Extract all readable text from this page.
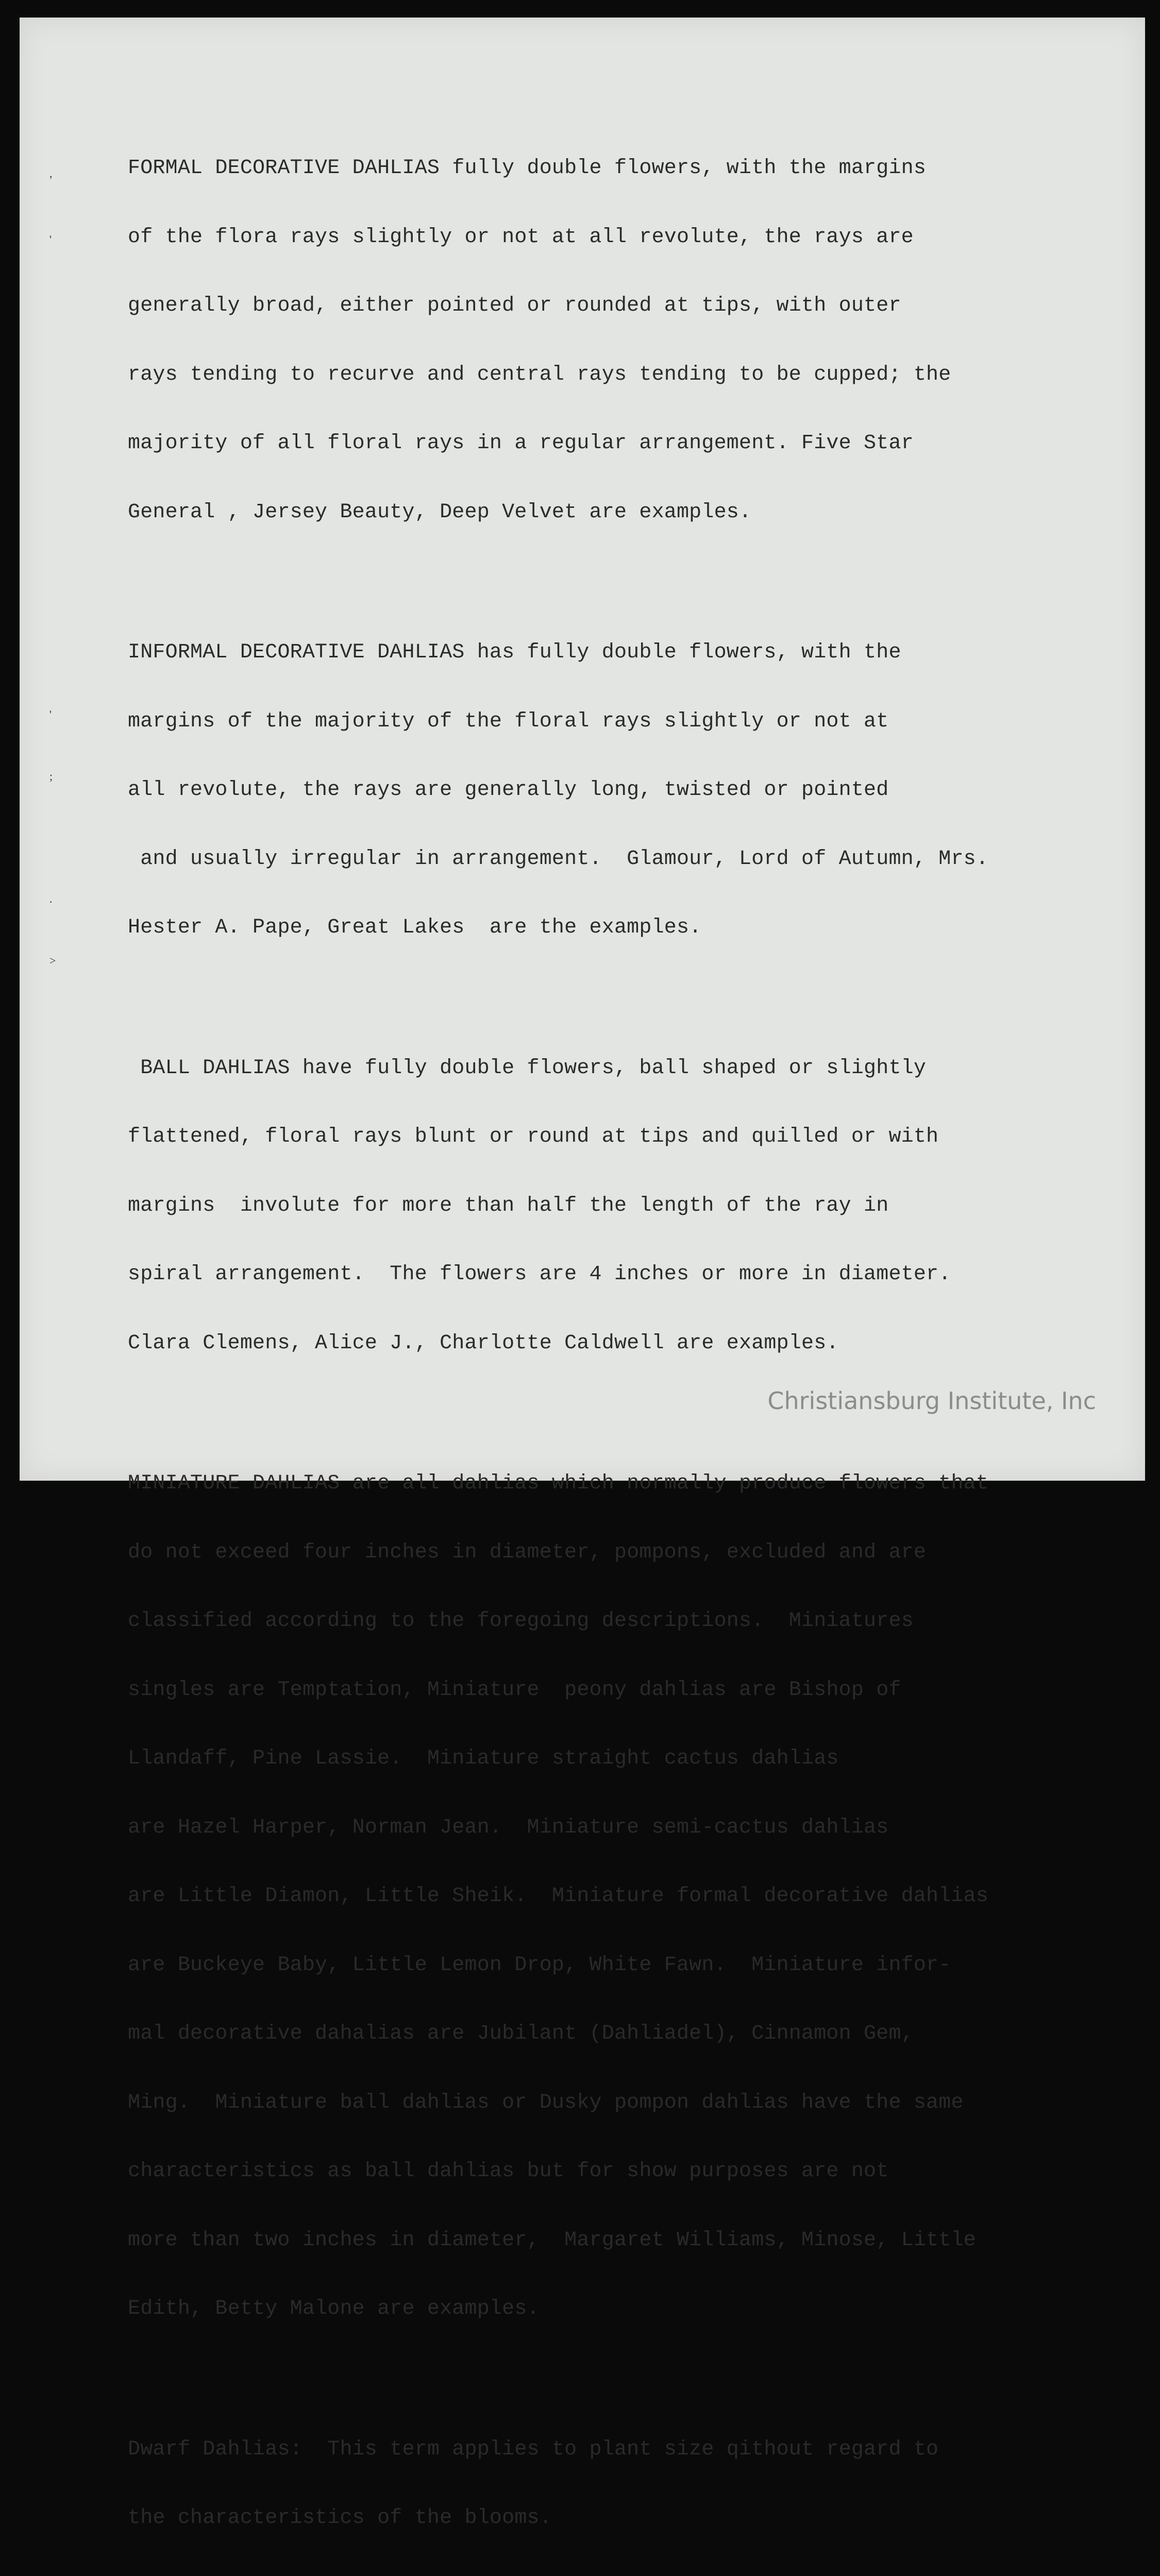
,
'
'
;
.
>

FORMAL DECORATIVE DAHLIAS fully double flowers, with the margins

of the flora rays slightly or not at all revolute, the rays are

generally broad, either pointed or rounded at tips, with outer

rays tending to recurve and central rays tending to be cupped; the

majority of all floral rays in a regular arrangement. Five Star

General , Jersey Beauty, Deep Velvet are examples.

INFORMAL DECORATIVE DAHLIAS has fully double flowers, with the

margins of the majority of the floral rays slightly or not at

all revolute, the rays are generally long, twisted or pointed

and usually irregular in arrangement.  Glamour, Lord of Autumn, Mrs.

Hester A. Pape, Great Lakes  are the examples.

BALL DAHLIAS have fully double flowers, ball shaped or slightly

flattened, floral rays blunt or round at tips and quilled or with

margins  involute for more than half the length of the ray in

spiral arrangement.  The flowers are 4 inches or more in diameter.

Clara Clemens, Alice J., Charlotte Caldwell are examples.

MINIATURE DAHLIAS are all dahlias which normally produce flowers that

do not exceed four inches in diameter, pompons, excluded and are

classified according to the foregoing descriptions.  Miniatures

singles are Temptation, Miniature  peony dahlias are Bishop of

Llandaff, Pine Lassie.  Miniature straight cactus dahlias

are Hazel Harper, Norman Jean.  Miniature semi-cactus dahlias

are Little Diamon, Little Sheik.  Miniature formal decorative dahlias

are Buckeye Baby, Little Lemon Drop, White Fawn.  Miniature infor-

mal decorative dahalias are Jubilant (Dahliadel), Cinnamon Gem,

Ming.  Miniature ball dahlias or Dusky pompon dahlias have the same

characteristics as ball dahlias but for show purposes are not

more than two inches in diameter,  Margaret Williams, Minose, Little

Edith, Betty Malone are examples.

Dwarf Dahlias:  This term applies to plant size qithout regard to

the characteristics of the blooms.

Christiansburg Institute, Inc
